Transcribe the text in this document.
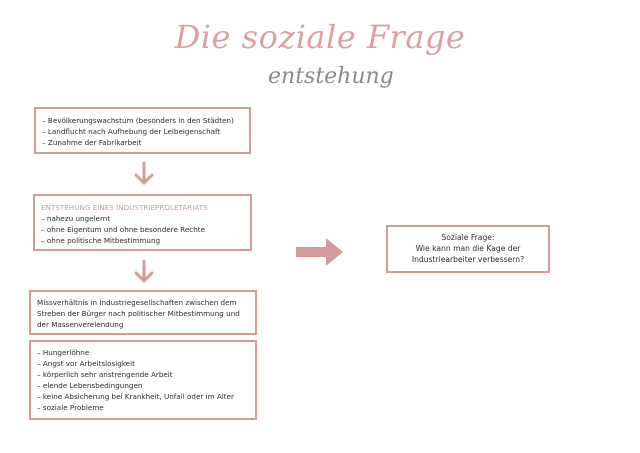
Die soziale Frage
entstehung
– Bevölkerungswachstum (besonders in den Städten)
– Landflucht nach Aufhebung der Leibeigenschaft
– Zunahme der Fabrikarbeit
ENTSTEHUNG EINES INDUSTRIEPROLETARIATS
– nahezu ungelernt
– ohne Eigentum und ohne besondere Rechte
– ohne politische Mitbestimmung
Missverhältnis in Industriegesellschaften zwischen dem Streben der Bürger nach politischer Mitbestimmung und der Massenverelendung
– Hungerlöhne
– Angst vor Arbeitslosigkeit
– körperlich sehr anstrengende Arbeit
– elende Lebensbedingungen
– keine Absicherung bei Krankheit, Unfall oder im Alter
– soziale Probleme
Soziale Frage:
Wie kann man die Kage der
Industriearbeiter verbessern?
